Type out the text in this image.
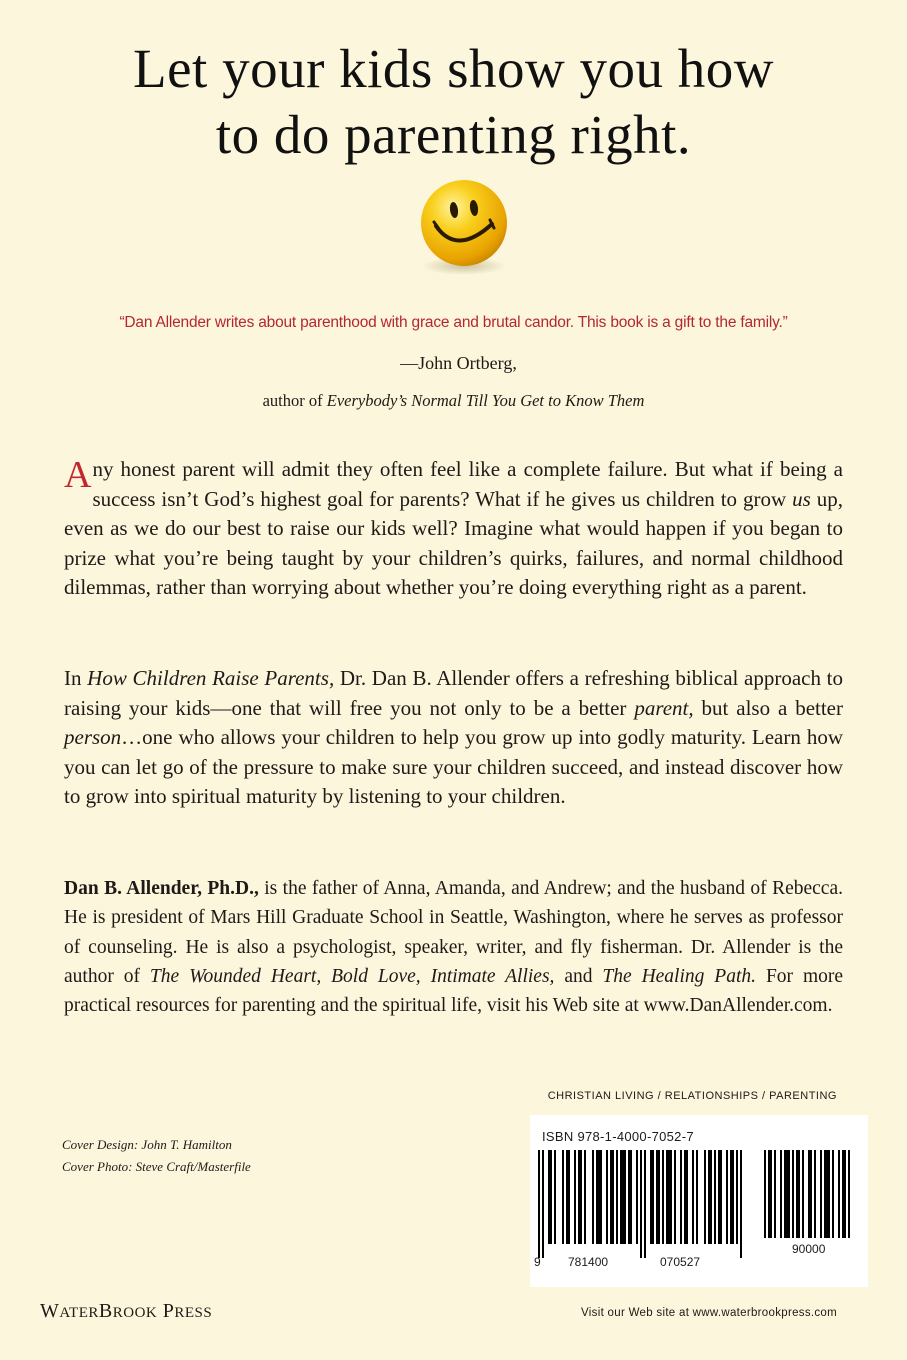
Let your kids show you how
to do parenting right.
“Dan Allender writes about parenthood with grace and brutal candor. This book is a gift to the family.”
—John Ortberg,
author of Everybody’s Normal Till You Get to Know Them
Any honest parent will admit they often feel like a complete failure. But what if being a success isn’t God’s highest goal for parents? What if he gives us children to grow us up, even as we do our best to raise our kids well? Imagine what would happen if you began to prize what you’re being taught by your children’s quirks, failures, and normal childhood dilemmas, rather than worrying about whether you’re doing everything right as a parent.
In How Children Raise Parents, Dr. Dan B. Allender offers a refreshing biblical approach to raising your kids—one that will free you not only to be a better parent, but also a better person…one who allows your children to help you grow up into godly maturity. Learn how you can let go of the pressure to make sure your children succeed, and instead discover how to grow into spiritual maturity by listening to your children.
Dan B. Allender, Ph.D., is the father of Anna, Amanda, and Andrew; and the husband of Rebecca. He is president of Mars Hill Graduate School in Seattle, Washington, where he serves as professor of counseling. He is also a psychologist, speaker, writer, and fly fisherman. Dr. Allender is the author of The Wounded Heart, Bold Love, Intimate Allies, and The Healing Path. For more practical resources for parenting and the spiritual life, visit his Web site at www.DanAllender.com.
CHRISTIAN LIVING / RELATIONSHIPS / PARENTING
Cover Design: John T. Hamilton
Cover Photo: Steve Craft/Masterfile
WATERBROOK PRESS
ISBN 978-1-4000-7052-7
9 781400	070527
90000
Visit our Web site at www.waterbrookpress.com
